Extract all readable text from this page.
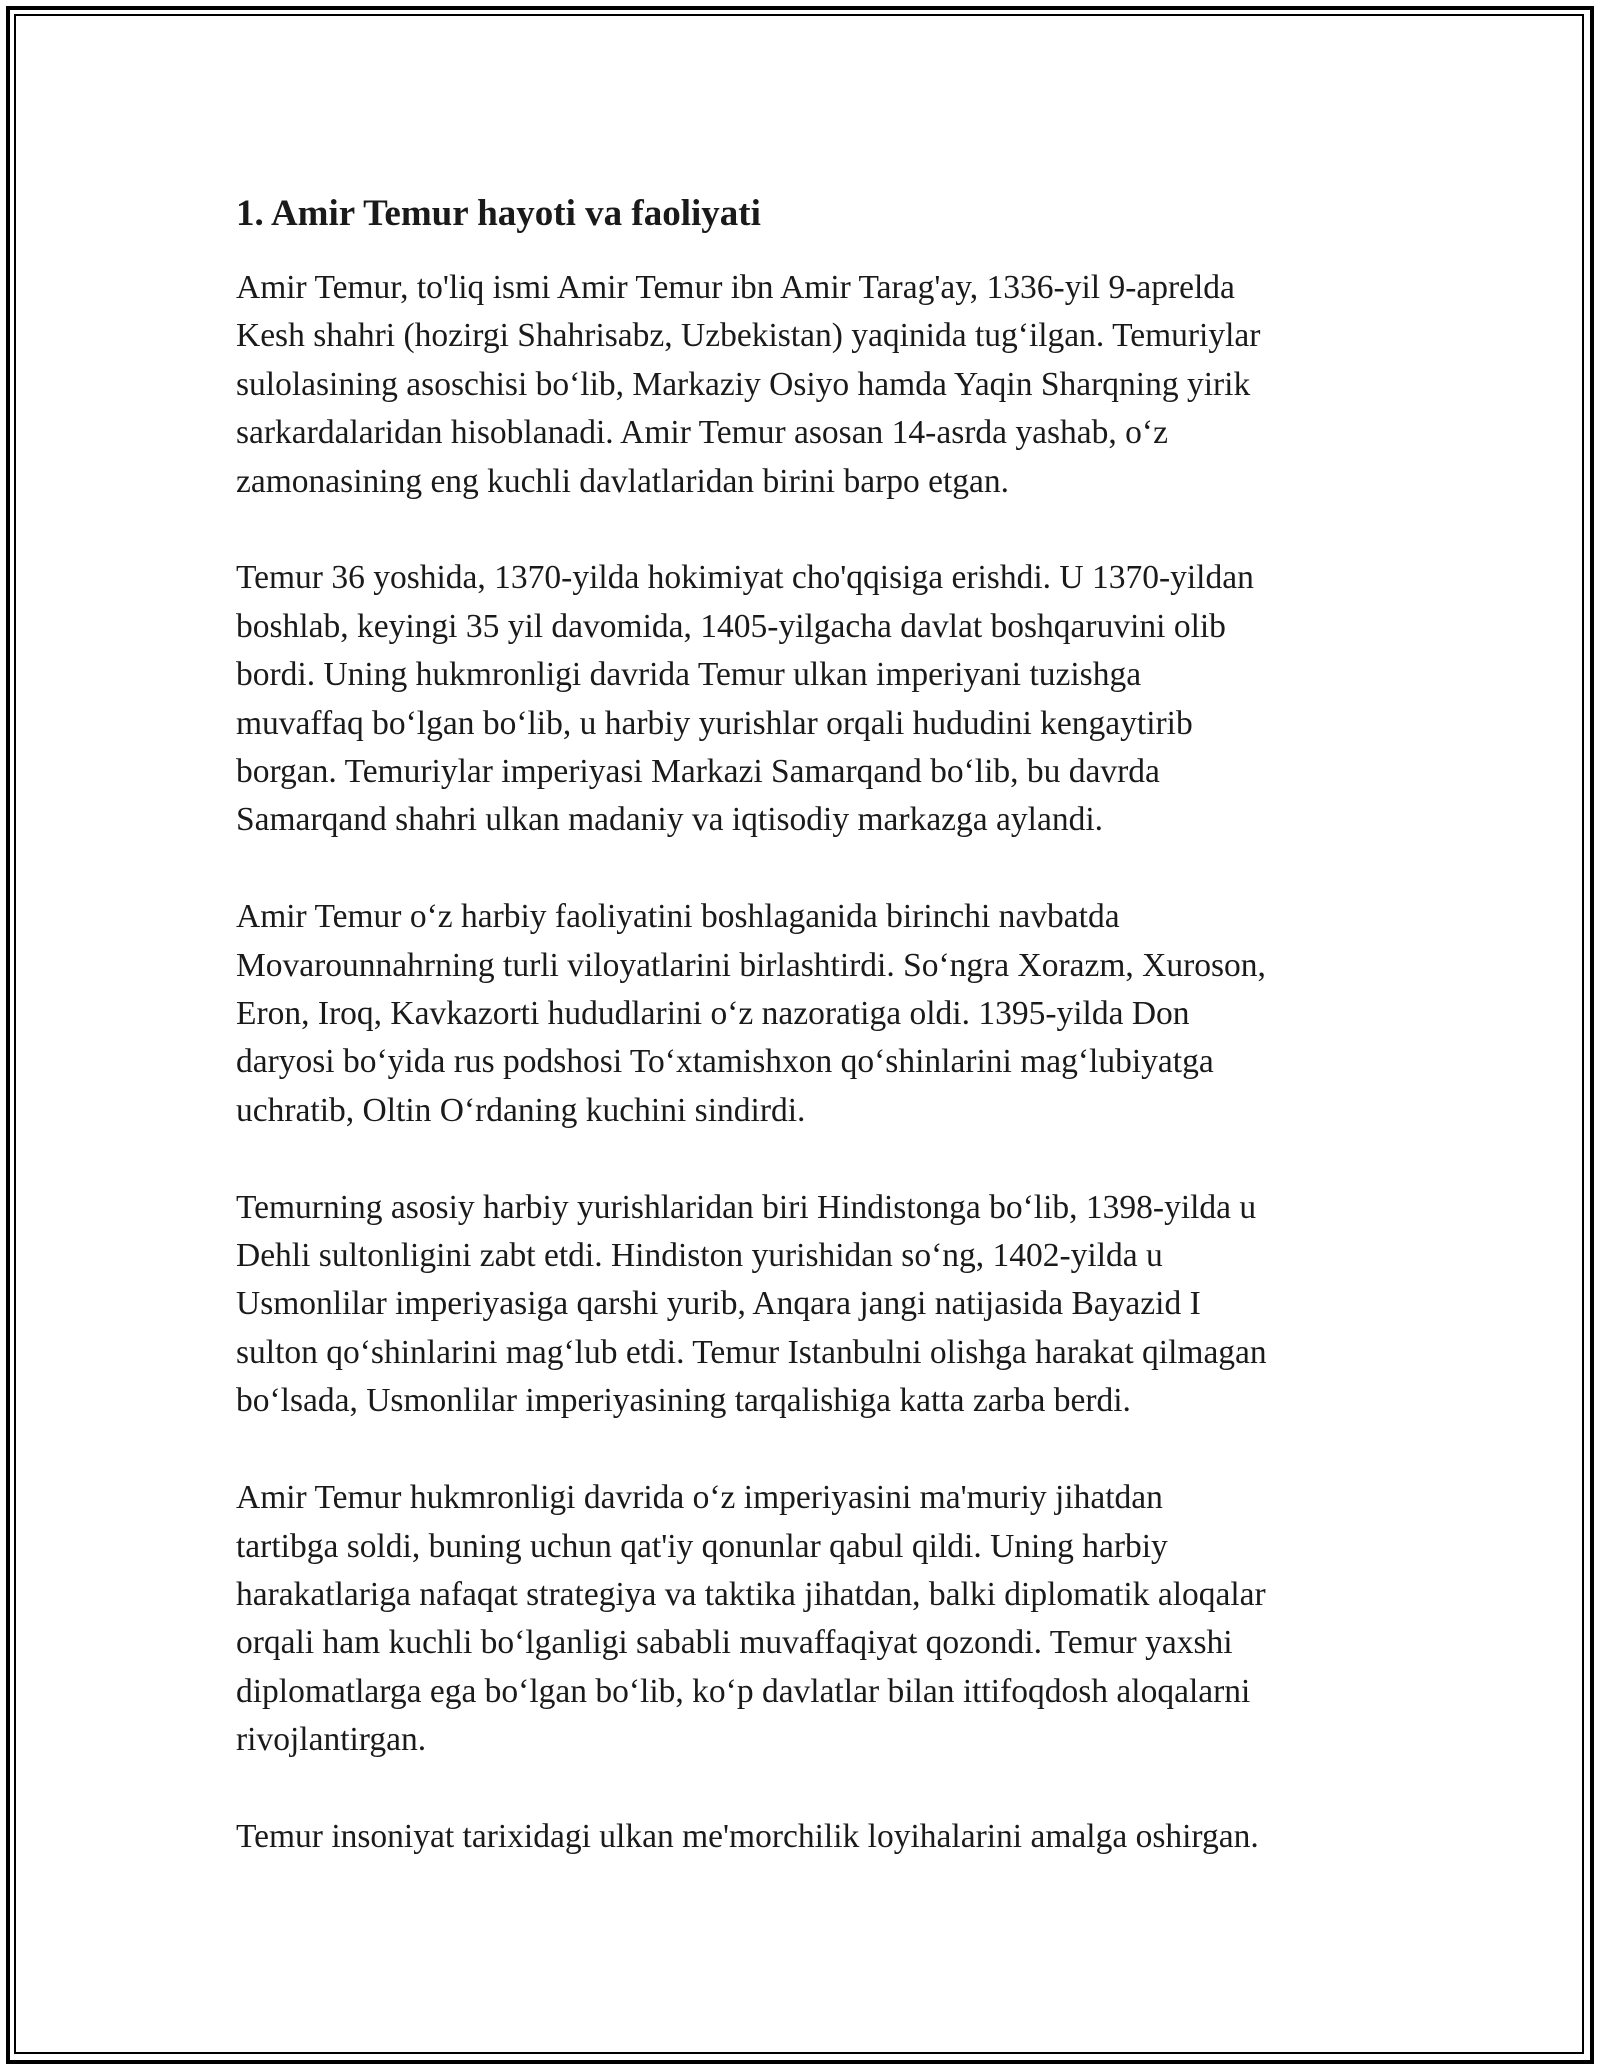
1. Amir Temur hayoti va faoliyati

Amir Temur, to'liq ismi Amir Temur ibn Amir Tarag'ay, 1336-yil 9-aprelda
Kesh shahri (hozirgi Shahrisabz, Uzbekistan) yaqinida tug‘ilgan. Temuriylar
sulolasining asoschisi bo‘lib, Markaziy Osiyo hamda Yaqin Sharqning yirik
sarkardalaridan hisoblanadi. Amir Temur asosan 14-asrda yashab, o‘z
zamonasining eng kuchli davlatlaridan birini barpo etgan.

Temur 36 yoshida, 1370-yilda hokimiyat cho'qqisiga erishdi. U 1370-yildan
boshlab, keyingi 35 yil davomida, 1405-yilgacha davlat boshqaruvini olib
bordi. Uning hukmronligi davrida Temur ulkan imperiyani tuzishga
muvaffaq bo‘lgan bo‘lib, u harbiy yurishlar orqali hududini kengaytirib
borgan. Temuriylar imperiyasi Markazi Samarqand bo‘lib, bu davrda
Samarqand shahri ulkan madaniy va iqtisodiy markazga aylandi.

Amir Temur o‘z harbiy faoliyatini boshlaganida birinchi navbatda
Movarounnahrning turli viloyatlarini birlashtirdi. So‘ngra Xorazm, Xuroson,
Eron, Iroq, Kavkazorti hududlarini o‘z nazoratiga oldi. 1395-yilda Don
daryosi bo‘yida rus podshosi To‘xtamishxon qo‘shinlarini mag‘lubiyatga
uchratib, Oltin O‘rdaning kuchini sindirdi.

Temurning asosiy harbiy yurishlaridan biri Hindistonga bo‘lib, 1398-yilda u
Dehli sultonligini zabt etdi. Hindiston yurishidan so‘ng, 1402-yilda u
Usmonlilar imperiyasiga qarshi yurib, Anqara jangi natijasida Bayazid I
sulton qo‘shinlarini mag‘lub etdi. Temur Istanbulni olishga harakat qilmagan
bo‘lsada, Usmonlilar imperiyasining tarqalishiga katta zarba berdi.

Amir Temur hukmronligi davrida o‘z imperiyasini ma'muriy jihatdan
tartibga soldi, buning uchun qat'iy qonunlar qabul qildi. Uning harbiy
harakatlariga nafaqat strategiya va taktika jihatdan, balki diplomatik aloqalar
orqali ham kuchli bo‘lganligi sababli muvaffaqiyat qozondi. Temur yaxshi
diplomatlarga ega bo‘lgan bo‘lib, ko‘p davlatlar bilan ittifoqdosh aloqalarni
rivojlantirgan.

Temur insoniyat tarixidagi ulkan me'morchilik loyihalarini amalga oshirgan.
